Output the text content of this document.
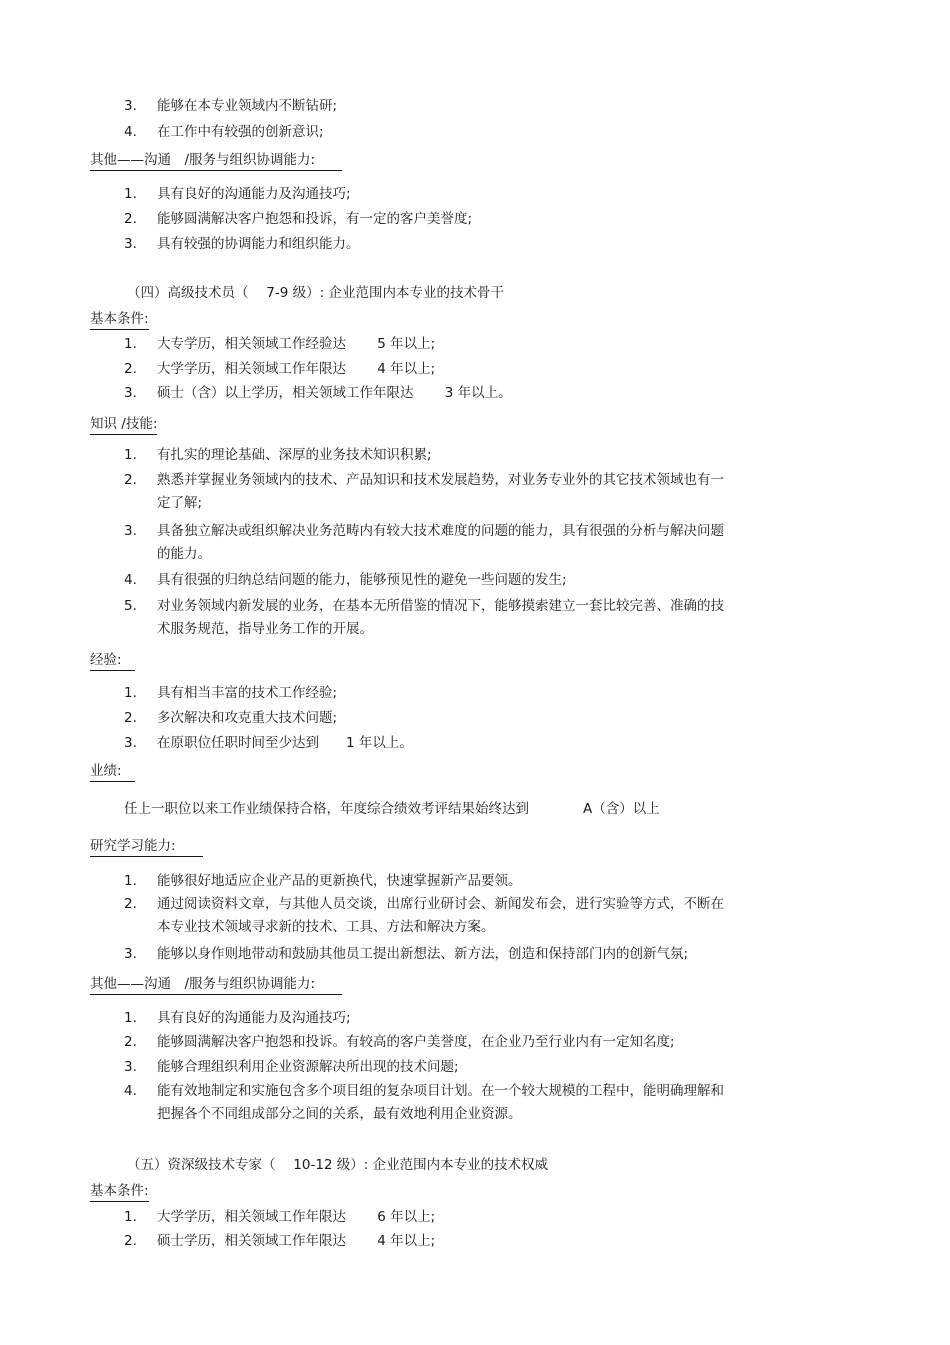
3.	能够在本专业领域内不断钻研;
4.	在工作中有较强的创新意识;
其他——沟通　/服务与组织协调能力:　　
1.	具有良好的沟通能力及沟通技巧;
2.	能够圆满解决客户抱怨和投诉，有一定的客户美誉度;
3.	具有较强的协调能力和组织能力。
（四）高级技术员（　 7-9 级）: 企业范围内本专业的技术骨干
基本条件:
1.	大专学历，相关领域工作经验达　　 5 年以上;
2.	大学学历，相关领域工作年限达　　 4 年以上;
3.	硕士（含）以上学历，相关领域工作年限达　　 3 年以上。
知识 /技能:
1.	有扎实的理论基础、深厚的业务技术知识积累;
2.	熟悉并掌握业务领域内的技术、产品知识和技术发展趋势，对业务专业外的其它技术领域也有一
定了解;
3.	具备独立解决或组织解决业务范畴内有较大技术难度的问题的能力，具有很强的分析与解决问题
的能力。
4.	具有很强的归纳总结问题的能力，能够预见性的避免一些问题的发生;
5.	对业务领域内新发展的业务，在基本无所借鉴的情况下，能够摸索建立一套比较完善、准确的技
术服务规范，指导业务工作的开展。
经验:　
1.	具有相当丰富的技术工作经验;
2.	多次解决和攻克重大技术问题;
3.	在原职位任职时间至少达到　　1 年以上。
业绩:　
任上一职位以来工作业绩保持合格，年度综合绩效考评结果始终达到　　　　A（含）以上
研究学习能力:　　
1.	能够很好地适应企业产品的更新换代，快速掌握新产品要领。
2.	通过阅读资料文章，与其他人员交谈，出席行业研讨会、新闻发布会，进行实验等方式，不断在
本专业技术领域寻求新的技术、工具、方法和解决方案。
3.	能够以身作则地带动和鼓励其他员工提出新想法、新方法，创造和保持部门内的创新气氛;
其他——沟通　/服务与组织协调能力:　　
1.	具有良好的沟通能力及沟通技巧;
2.	能够圆满解决客户抱怨和投诉。有较高的客户美誉度，在企业乃至行业内有一定知名度;
3.	能够合理组织利用企业资源解决所出现的技术问题;
4.	能有效地制定和实施包含多个项目组的复杂项目计划。在一个较大规模的工程中，能明确理解和
把握各个不同组成部分之间的关系，最有效地利用企业资源。
（五）资深级技术专家（　 10-12 级）: 企业范围内本专业的技术权威
基本条件:
1.	大学学历，相关领域工作年限达　　 6 年以上;
2.	硕士学历，相关领域工作年限达　　 4 年以上;
